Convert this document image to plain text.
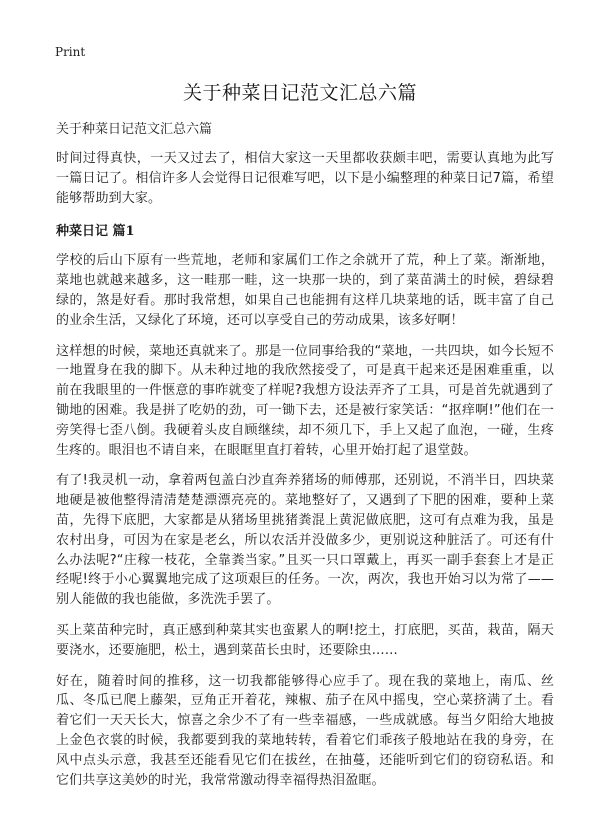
Print
关于种菜日记范文汇总六篇
关于种菜日记范文汇总六篇

时间过得真快，一天又过去了，相信大家这一天里都收获颇丰吧，需要认真地为此写一篇日记了。相信许多人会觉得日记很难写吧，以下是小编整理的种菜日记7篇，希望能够帮助到大家。

种菜日记 篇1

学校的后山下原有一些荒地，老师和家属们工作之余就开了荒，种上了菜。渐渐地，菜地也就越来越多，这一畦那一畦，这一块那一块的，到了菜苗满土的时候，碧绿碧绿的，煞是好看。那时我常想，如果自己也能拥有这样几块菜地的话，既丰富了自己的业余生活，又绿化了环境，还可以享受自己的劳动成果，该多好啊！

这样想的时候，菜地还真就来了。那是一位同事给我的“菜地，一共四块，如今长短不一地置身在我的脚下。从未种过地的我欣然接受了，可是真干起来还是困难重重，以前在我眼里的一件惬意的事昨就变了样呢?我想方设法弄齐了工具，可是首先就遇到了锄地的困难。我是拼了吃奶的劲，可一锄下去，还是被行家笑话：“抠痒啊!”他们在一旁笑得七歪八倒。我硬着头皮自顾继续，却不须几下，手上又起了血泡，一碰，生疼生疼的。眼泪也不请自来，在眼眶里直打着转，心里开始打起了退堂鼓。

有了!我灵机一动，拿着两包盖白沙直奔养猪场的师傅那，还别说，不消半日，四块菜地硬是被他整得清清楚楚漂漂亮亮的。菜地整好了，又遇到了下肥的困难，要种上菜苗，先得下底肥，大家都是从猪场里挑猪粪混上黄泥做底肥，这可有点难为我，虽是农村出身，可因为在家是老幺，所以农活并没做多少，更别说这种脏活了。可还有什么办法呢?“庄稼一枝花，全靠粪当家。”且买一只口罩戴上，再买一副手套套上才是正经呢!终于小心翼翼地完成了这项艰巨的任务。一次，两次，我也开始习以为常了——别人能做的我也能做，多洗洗手罢了。

买上菜苗种完时，真正感到种菜其实也蛮累人的啊!挖土，打底肥，买苗，栽苗，隔天要浇水，还要施肥，松土，遇到菜苗长虫时，还要除虫……

好在，随着时间的推移，这一切我都能够得心应手了。现在我的菜地上，南瓜、丝瓜、冬瓜已爬上藤架，豆角正开着花，辣椒、茄子在风中摇曳，空心菜挤满了土。看着它们一天天长大，惊喜之余少不了有一些幸福感，一些成就感。每当夕阳给大地披上金色衣裳的时候，我都要到我的菜地转转，看着它们乖孩子般地站在我的身旁，在风中点头示意，我甚至还能看见它们在拔丝，在抽蔓，还能听到它们的窃窃私语。和它们共享这美妙的时光，我常常激动得幸福得热泪盈眶。
